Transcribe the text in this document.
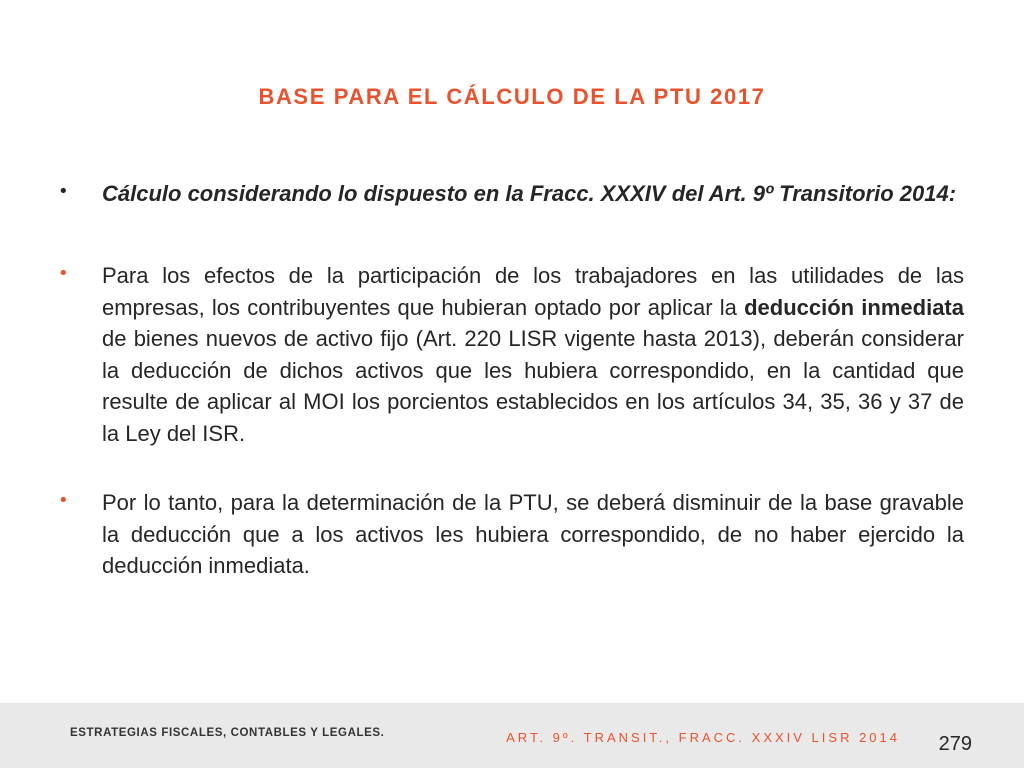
BASE PARA EL CÁLCULO DE LA PTU 2017
• Cálculo considerando lo dispuesto en la Fracc. XXXIV del Art. 9º Transitorio 2014:
• Para los efectos de la participación de los trabajadores en las utilidades de las empresas, los contribuyentes que hubieran optado por aplicar la deducción inmediata de bienes nuevos de activo fijo (Art. 220 LISR vigente hasta 2013), deberán considerar la deducción de dichos activos que les hubiera correspondido, en la cantidad que resulte de aplicar al MOI los porcientos establecidos en los artículos 34, 35, 36 y 37 de la Ley del ISR.
• Por lo tanto, para la determinación de la PTU, se deberá disminuir de la base gravable la deducción que a los activos les hubiera correspondido, de no haber ejercido la deducción inmediata.
ESTRATEGIAS FISCALES, CONTABLES Y LEGALES.	ART. 9º. TRANSIT., FRACC. XXXIV LISR 2014 279
